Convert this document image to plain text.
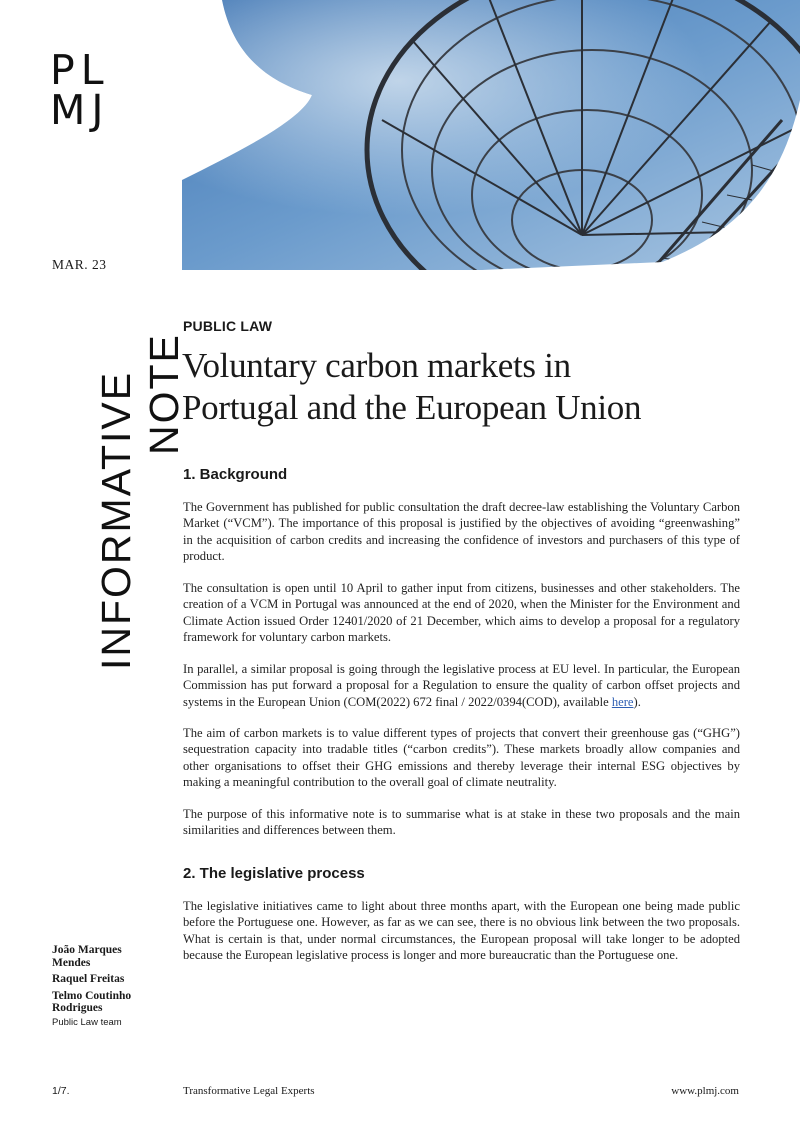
PL
MJ
MAR. 23
INFORMATIVE NOTE
PUBLIC LAW
Voluntary carbon markets in
Portugal and the European Union
1. Background

The Government has published for public consultation the draft decree-law establishing the Voluntary Carbon Market (“VCM”). The importance of this proposal is justified by the objectives of avoiding “greenwashing” in the acquisition of carbon credits and increasing the confidence of investors and purchasers of this type of product.

The consultation is open until 10 April to gather input from citizens, businesses and other stakeholders. The creation of a VCM in Portugal was announced at the end of 2020, when the Minister for the Environment and Climate Action issued Order 12401/2020 of 21 December, which aims to develop a proposal for a regulatory framework for voluntary carbon markets.

In parallel, a similar proposal is going through the legislative process at EU level. In particular, the European Commission has put forward a proposal for a Regulation to ensure the quality of carbon offset projects and systems in the European Union (COM(2022) 672 final / 2022/0394(COD), available here).

The aim of carbon markets is to value different types of projects that convert their greenhouse gas (“GHG”) sequestration capacity into tradable titles (“carbon credits”). These markets broadly allow companies and other organisations to offset their GHG emissions and thereby leverage their internal ESG objectives by making a meaningful contribution to the overall goal of climate neutrality.

The purpose of this informative note is to summarise what is at stake in these two proposals and the main similarities and differences between them.

2. The legislative process

The legislative initiatives came to light about three months apart, with the European one being made public before the Portuguese one. However, as far as we can see, there is no obvious link between the two proposals. What is certain is that, under normal circumstances, the European proposal will take longer to be adopted because the European legislative process is longer and more bureaucratic than the Portuguese one.

João Marques Mendes
Raquel Freitas
Telmo Coutinho Rodrigues
Public Law team
1/7.	Transformative Legal Experts	www.plmj.com
